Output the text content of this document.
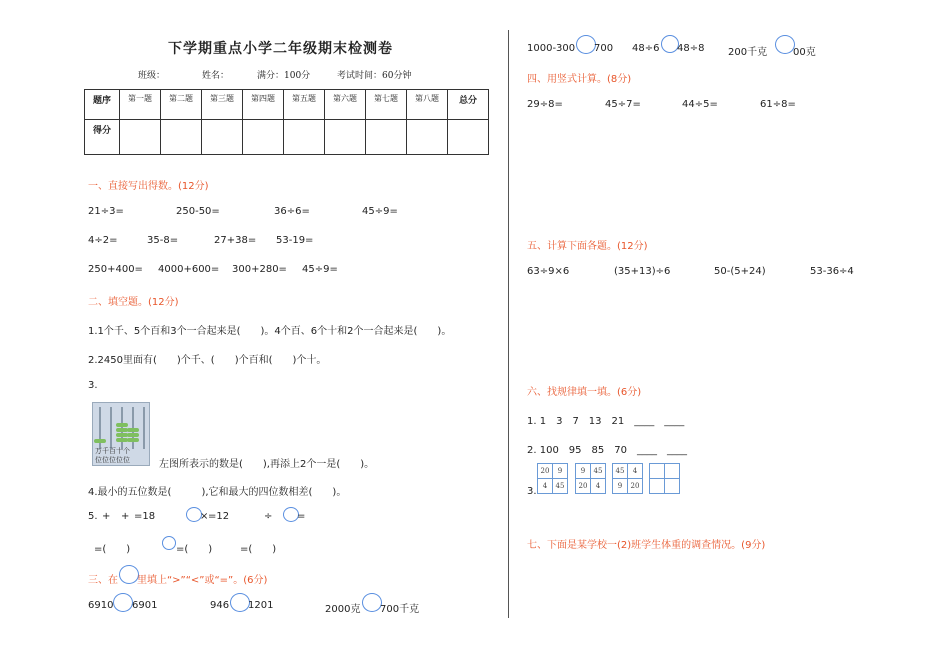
下学期重点小学二年级期末检测卷
班级：	姓名：	满分：100分	考试时间：60分钟
题序	第一题	第二题	第三题	第四题	第五题	第六题	第七题	第八题	总分
得分									
一、直接写出得数。(12分)
21÷3=	250-50=	36÷6=	45÷9=
4÷2=	35-8=	27+38= 53-19=
250+400= 4000+600= 300+280= 45÷9=
二、填空题。(12分)
1.1个千、5个百和3个一合起来是(　　)。4个百、6个十和2个一合起来是(　　)。
2.2450里面有(　　)个千、(　　)个百和(　　)个十。
3.
万千百十个
位位位位位	左图所表示的数是(　　),再添上2个一是(　　)。
4.最小的五位数是(　　　),它和最大的四位数相差(　　)。
5. + + =18	× =12	÷ =
=(　　)	=(　　)	=(　　)
三、在 里填上“>”“<”或“=”。(6分)
6910 6901	946 1201	2000克 700千克
1000-300 700 48÷6 48÷8 200千克	00克
四、用竖式计算。(8分)
29÷8=	45÷7=	44÷5=	61÷8=
五、计算下面各题。(12分)
63÷9×6	(35+13)÷6	50-(5+24)	53-36÷4
六、找规律填一填。(6分)
1. 1　3　7　13　21　____　____
2. 100　95　85　70　____　____
3.
20	9
4	45
9	45
20	4
45	4
9	20

七、下面是某学校一(2)班学生体重的调查情况。(9分)
